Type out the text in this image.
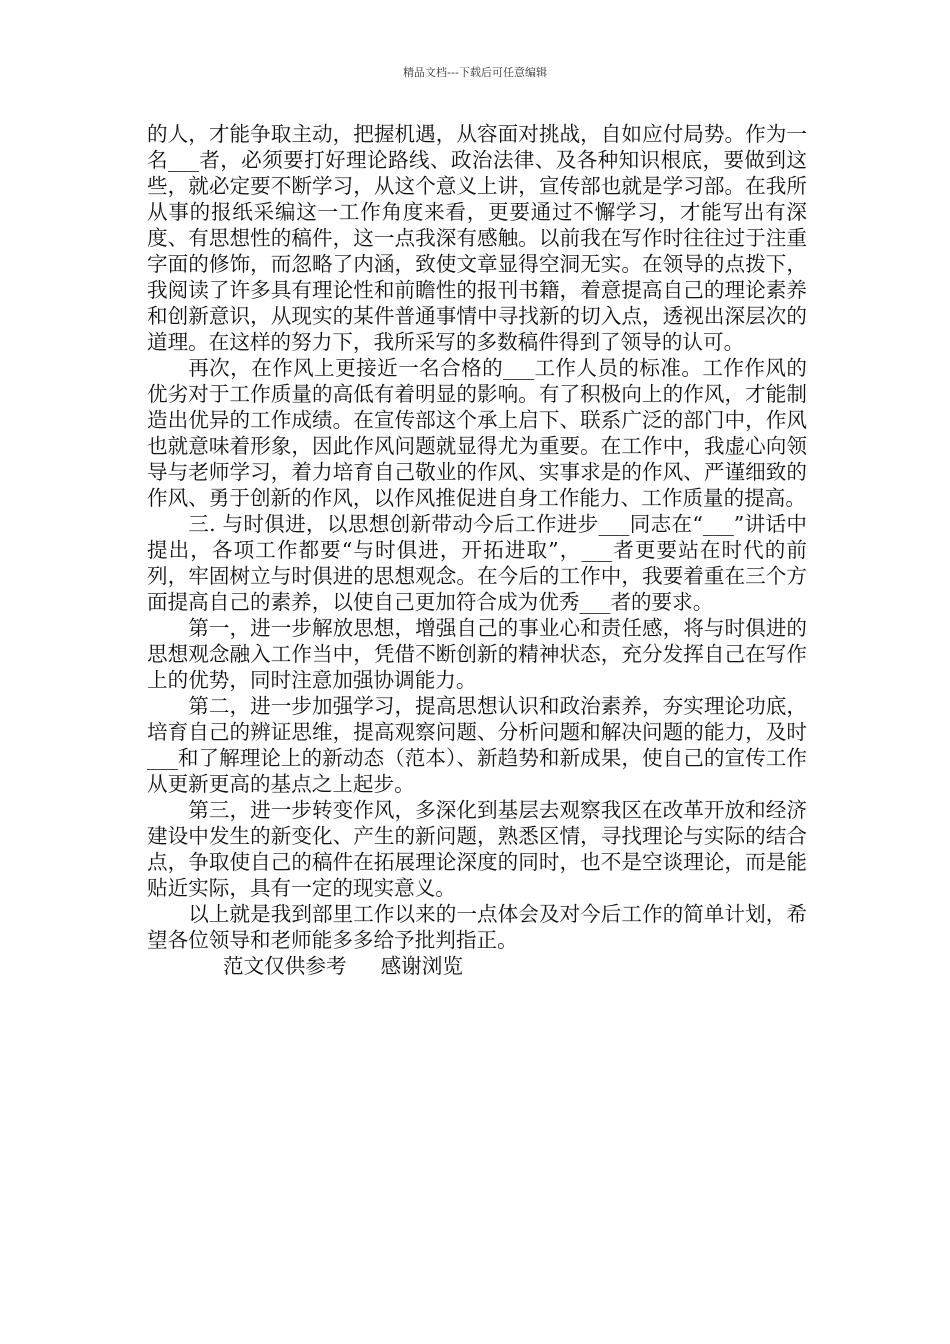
精品文档---下载后可任意编辑

的人，才能争取主动，把握机遇，从容面对挑战，自如应付局势。作为一名___者，必须要打好理论路线、政治法律、及各种知识根底，要做到这些，就必定要不断学习，从这个意义上讲，宣传部也就是学习部。在我所从事的报纸采编这一工作角度来看，更要通过不懈学习，才能写出有深度、有思想性的稿件，这一点我深有感触。以前我在写作时往往过于注重字面的修饰，而忽略了内涵，致使文章显得空洞无实。在领导的点拨下，我阅读了许多具有理论性和前瞻性的报刊书籍，着意提高自己的理论素养和创新意识，从现实的某件普通事情中寻找新的切入点，透视出深层次的道理。在这样的努力下，我所采写的多数稿件得到了领导的认可。

再次，在作风上更接近一名合格的___工作人员的标准。工作作风的优劣对于工作质量的高低有着明显的影响。有了积极向上的作风，才能制造出优异的工作成绩。在宣传部这个承上启下、联系广泛的部门中，作风也就意味着形象，因此作风问题就显得尤为重要。在工作中，我虚心向领导与老师学习，着力培育自己敬业的作风、实事求是的作风、严谨细致的作风、勇于创新的作风，以作风推促进自身工作能力、工作质量的提高。

三. 与时俱进，以思想创新带动今后工作进步___同志在“___”讲话中提出，各项工作都要“与时俱进，开拓进取”，___者更要站在时代的前列，牢固树立与时俱进的思想观念。在今后的工作中，我要着重在三个方面提高自己的素养，以使自己更加符合成为优秀___者的要求。

第一，进一步解放思想，增强自己的事业心和责任感，将与时俱进的思想观念融入工作当中，凭借不断创新的精神状态，充分发挥自己在写作上的优势，同时注意加强协调能力。

第二，进一步加强学习，提高思想认识和政治素养，夯实理论功底，培育自己的辨证思维，提高观察问题、分析问题和解决问题的能力，及时___和了解理论上的新动态（范本）、新趋势和新成果，使自己的宣传工作从更新更高的基点之上起步。

第三，进一步转变作风，多深化到基层去观察我区在改革开放和经济建设中发生的新变化、产生的新问题，熟悉区情，寻找理论与实际的结合点，争取使自己的稿件在拓展理论深度的同时，也不是空谈理论，而是能贴近实际，具有一定的现实意义。

以上就是我到部里工作以来的一点体会及对今后工作的简单计划，希望各位领导和老师能多多给予批判指正。

范文仅供参考 感谢浏览
